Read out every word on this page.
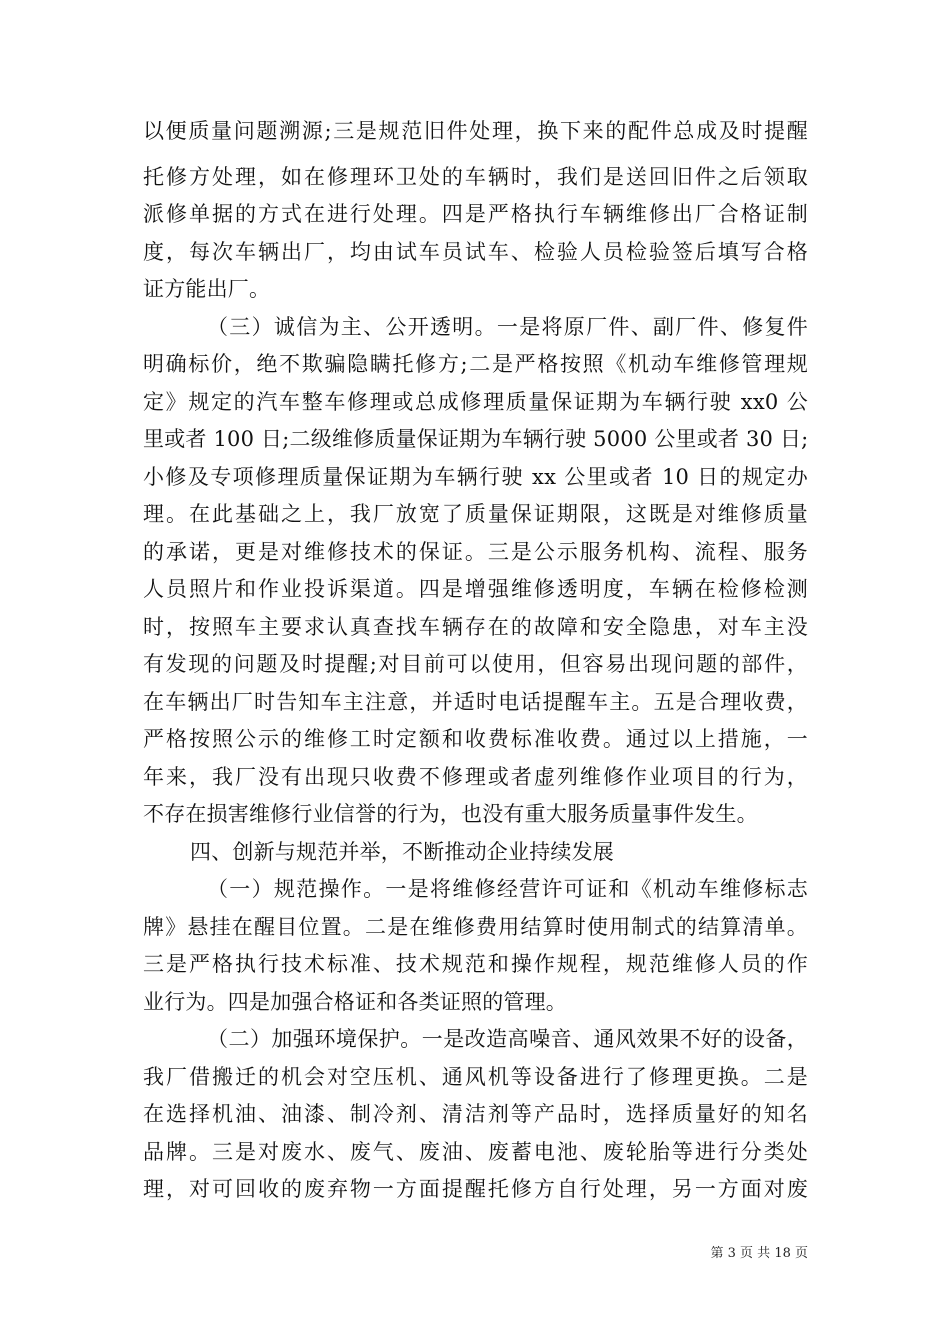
以便质量问题溯源;三是规范旧件处理，换下来的配件总成及时提醒
托修方处理，如在修理环卫处的车辆时，我们是送回旧件之后领取
派修单据的方式在进行处理。四是严格执行车辆维修出厂合格证制
度，每次车辆出厂，均由试车员试车、检验人员检验签后填写合格
证方能出厂。
（三）诚信为主、公开透明。一是将原厂件、副厂件、修复件
明确标价，绝不欺骗隐瞒托修方;二是严格按照《机动车维修管理规
定》规定的汽车整车修理或总成修理质量保证期为车辆行驶 xx0 公
里或者 100 日;二级维修质量保证期为车辆行驶 5000 公里或者 30 日;
小修及专项修理质量保证期为车辆行驶 xx 公里或者 10 日的规定办
理。在此基础之上，我厂放宽了质量保证期限，这既是对维修质量
的承诺，更是对维修技术的保证。三是公示服务机构、流程、服务
人员照片和作业投诉渠道。四是增强维修透明度，车辆在检修检测
时，按照车主要求认真查找车辆存在的故障和安全隐患，对车主没
有发现的问题及时提醒;对目前可以使用，但容易出现问题的部件，
在车辆出厂时告知车主注意，并适时电话提醒车主。五是合理收费，
严格按照公示的维修工时定额和收费标准收费。通过以上措施，一
年来，我厂没有出现只收费不修理或者虚列维修作业项目的行为，
不存在损害维修行业信誉的行为，也没有重大服务质量事件发生。
四、创新与规范并举，不断推动企业持续发展
（一）规范操作。一是将维修经营许可证和《机动车维修标志
牌》悬挂在醒目位置。二是在维修费用结算时使用制式的结算清单。
三是严格执行技术标准、技术规范和操作规程，规范维修人员的作
业行为。四是加强合格证和各类证照的管理。
（二）加强环境保护。一是改造高噪音、通风效果不好的设备，
我厂借搬迁的机会对空压机、通风机等设备进行了修理更换。二是
在选择机油、油漆、制冷剂、清洁剂等产品时，选择质量好的知名
品牌。三是对废水、废气、废油、废蓄电池、废轮胎等进行分类处
理，对可回收的废弃物一方面提醒托修方自行处理，另一方面对废
第 3 页 共 18 页
